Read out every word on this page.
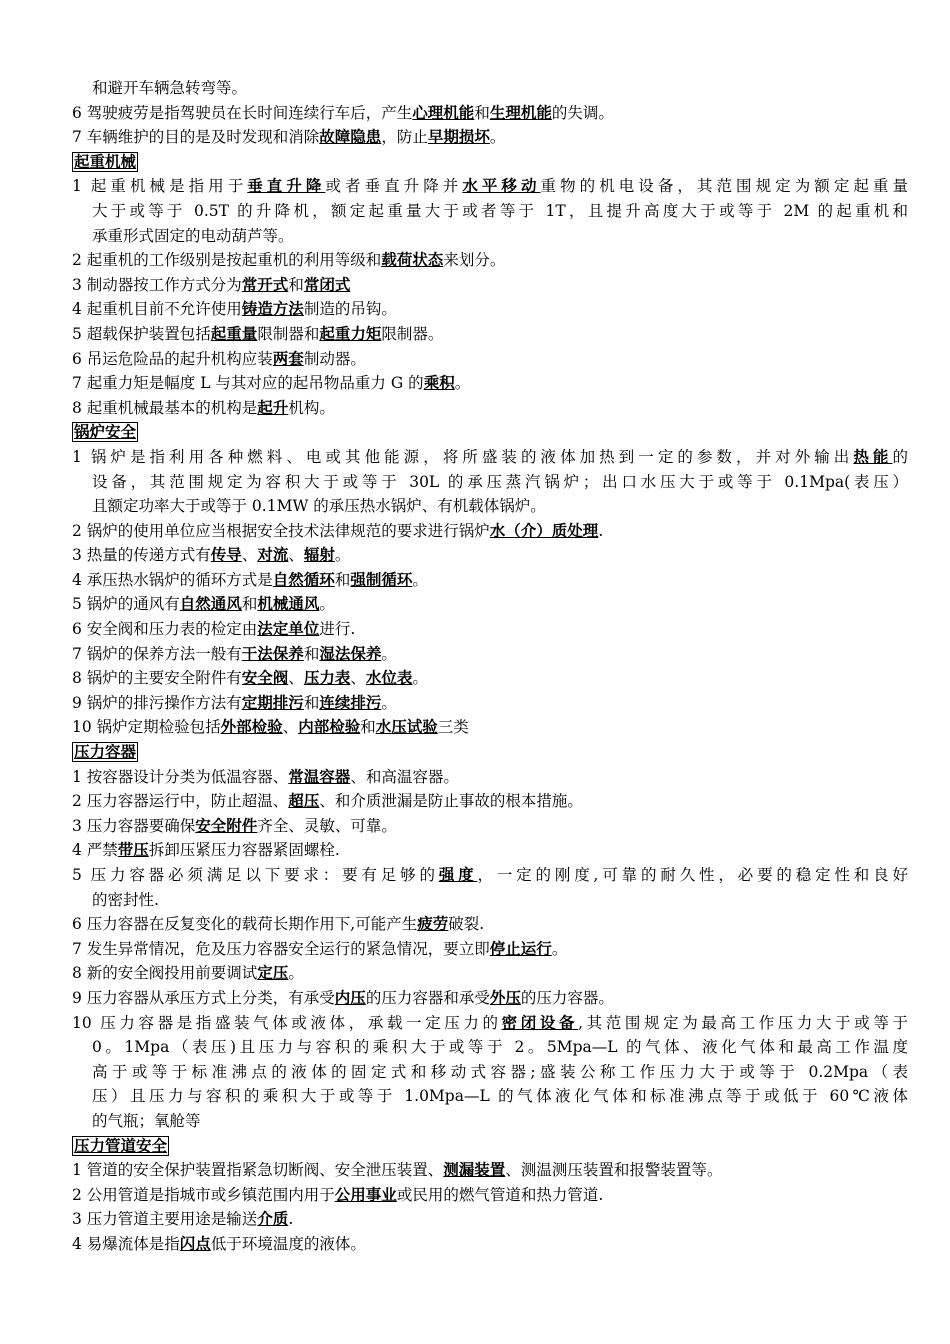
和避开车辆急转弯等。
6 驾驶疲劳是指驾驶员在长时间连续行车后，产生心理机能和生理机能的失调。
7 车辆维护的目的是及时发现和消除故障隐患，防止早期损坏。
起重机械
1 起重机械是指用于垂直升降或者垂直升降并水平移动重物的机电设备，其范围规定为额定起重量
大于或等于 0.5T 的升降机，额定起重量大于或者等于 1T，且提升高度大于或等于 2M 的起重机和
承重形式固定的电动葫芦等。
2 起重机的工作级别是按起重机的利用等级和载荷状态来划分。
3 制动器按工作方式分为常开式和常闭式
4 起重机目前不允许使用铸造方法制造的吊钩。
5 超载保护装置包括起重量限制器和起重力矩限制器。
6 吊运危险品的起升机构应装两套制动器。
7 起重力矩是幅度 L 与其对应的起吊物品重力 G 的乘积。
8 起重机械最基本的机构是起升机构。
锅炉安全
1 锅炉是指利用各种燃料、电或其他能源，将所盛装的液体加热到一定的参数，并对外输出热能的
设备，其范围规定为容积大于或等于 30L 的承压蒸汽锅炉；出口水压大于或等于 0.1Mpa(表压）
且额定功率大于或等于 0.1MW 的承压热水锅炉、有机载体锅炉。
2 锅炉的使用单位应当根据安全技术法律规范的要求进行锅炉水（介）质处理.
3 热量的传递方式有传导、对流、辐射。
4 承压热水锅炉的循环方式是自然循环和强制循环。
5 锅炉的通风有自然通风和机械通风。
6 安全阀和压力表的检定由法定单位进行.
7 锅炉的保养方法一般有干法保养和湿法保养。
8 锅炉的主要安全附件有安全阀、压力表、水位表。
9 锅炉的排污操作方法有定期排污和连续排污。
10 锅炉定期检验包括外部检验、内部检验和水压试验三类
压力容器
1 按容器设计分类为低温容器、常温容器、和高温容器。
2 压力容器运行中，防止超温、超压、和介质泄漏是防止事故的根本措施。
3 压力容器要确保安全附件齐全、灵敏、可靠。
4 严禁带压拆卸压紧压力容器紧固螺栓.
5 压力容器必须满足以下要求：要有足够的强度，一定的刚度,可靠的耐久性，必要的稳定性和良好
的密封性.
6 压力容器在反复变化的载荷长期作用下,可能产生疲劳破裂.
7 发生异常情况，危及压力容器安全运行的紧急情况，要立即停止运行。
8 新的安全阀投用前要调试定压。
9 压力容器从承压方式上分类，有承受内压的压力容器和承受外压的压力容器。
10 压力容器是指盛装气体或液体，承载一定压力的密闭设备,其范围规定为最高工作压力大于或等于
0。1Mpa（表压)且压力与容积的乘积大于或等于 2。5Mpa—L 的气体、液化气体和最高工作温度
高于或等于标准沸点的液体的固定式和移动式容器;盛装公称工作压力大于或等于 0.2Mpa（表
压）且压力与容积的乘积大于或等于 1.0Mpa—L 的气体液化气体和标准沸点等于或低于 60℃液体
的气瓶；氧舱等
压力管道安全
1 管道的安全保护装置指紧急切断阀、安全泄压装置、测漏装置、测温测压装置和报警装置等。
2 公用管道是指城市或乡镇范围内用于公用事业或民用的燃气管道和热力管道.
3 压力管道主要用途是输送介质.
4 易爆流体是指闪点低于环境温度的液体。
